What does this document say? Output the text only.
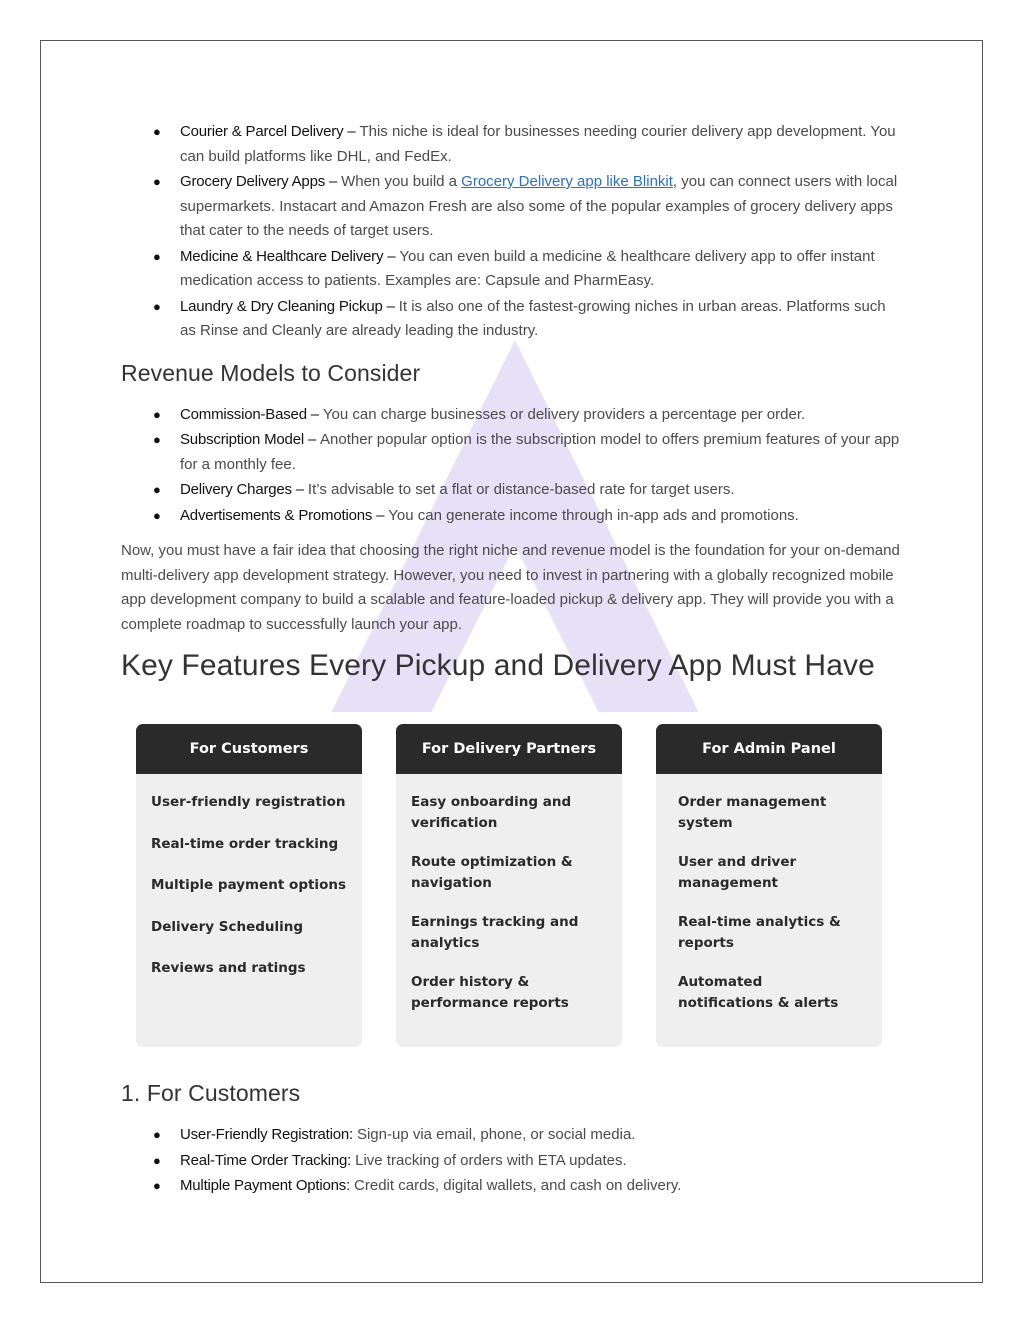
● Courier & Parcel Delivery – This niche is ideal for businesses needing courier delivery app development. You can build platforms like DHL, and FedEx.
● Grocery Delivery Apps – When you build a Grocery Delivery app like Blinkit, you can connect users with local supermarkets. Instacart and Amazon Fresh are also some of the popular examples of grocery delivery apps that cater to the needs of target users.
● Medicine & Healthcare Delivery – You can even build a medicine & healthcare delivery app to offer instant medication access to patients. Examples are: Capsule and PharmEasy.
● Laundry & Dry Cleaning Pickup – It is also one of the fastest-growing niches in urban areas. Platforms such as Rinse and Cleanly are already leading the industry.
Revenue Models to Consider
● Commission-Based – You can charge businesses or delivery providers a percentage per order.
● Subscription Model – Another popular option is the subscription model to offers premium features of your app for a monthly fee.
● Delivery Charges – It’s advisable to set a flat or distance-based rate for target users.
● Advertisements & Promotions – You can generate income through in-app ads and promotions.

Now, you must have a fair idea that choosing the right niche and revenue model is the foundation for your on-demand multi-delivery app development strategy. However, you need to invest in partnering with a globally recognized mobile app development company to build a scalable and feature-loaded pickup & delivery app. They will provide you with a complete roadmap to successfully launch your app.

Key Features Every Pickup and Delivery App Must Have
For Customers
User-friendly registration
Real-time order tracking
Multiple payment options
Delivery Scheduling
Reviews and ratings
For Delivery Partners
Easy onboarding and verification
Route optimization & navigation
Earnings tracking and analytics
Order history & performance reports
For Admin Panel
Order management system
User and driver management
Real-time analytics & reports
Automated notifications & alerts
1. For Customers
● User-Friendly Registration: Sign-up via email, phone, or social media.
● Real-Time Order Tracking: Live tracking of orders with ETA updates.
● Multiple Payment Options: Credit cards, digital wallets, and cash on delivery.
